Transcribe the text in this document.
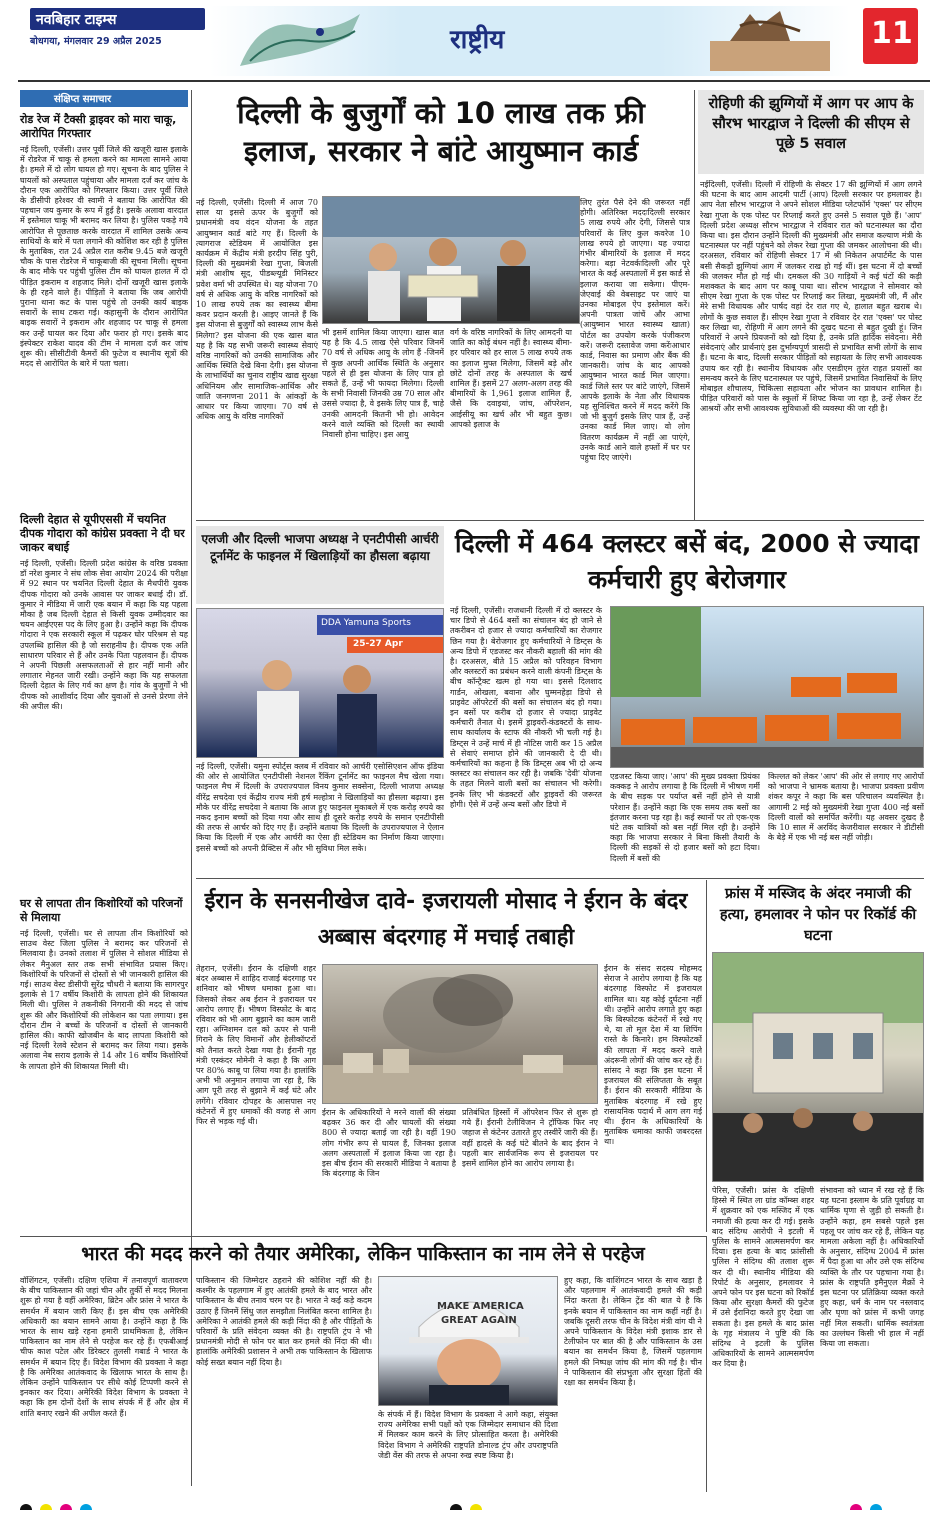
नवबिहार टाइम्स
बोधगया, मंगलवार 29 अप्रैल 2025	राष्ट्रीय	11
संक्षिप्त समाचार
रोड रेज में टैक्सी ड्राइवर को मारा चाकू, आरोपित गिरफ्तार
नई दिल्ली, एजेंसी। उत्तर पूर्वी जिले की खजूरी खास इलाके में रोडरेज में चाकू से हमला करने का मामला सामने आया है। हमले में दो लोग घायल हो गए। सूचना के बाद पुलिस ने घायलों को अस्पताल पहुंचाया और मामला दर्ज कर जांच के दौरान एक आरोपित को गिरफ्तार किया। उत्तर पूर्वी जिले के डीसीपी हरेश्वर वी स्वामी ने बताया कि आरोपित की पहचान जय कुमार के रूप में हुई है। इसके अलावा वारदात में इस्तेमाल चाकू भी बरामद कर लिया है। पुलिस पकड़े गये आरोपित से पूछताछ करके वारदात में शामिल उसके अन्य साथियों के बारे में पता लगाने की कोशिश कर रही है पुलिस के मुताबिक, रात 24 अप्रैल रात करीब 9.45 बजे खजूरी चौक के पास रोडरेज में चाकूबाजी की सूचना मिली। सूचना के बाद मौके पर पहुंची पुलिस टीम को घायल हालत में दो पीड़ित इकराम व शहजाद मिले। दोनों खजूरी खास इलाके के ही रहने वाले हैं। पीड़ितों ने बताया कि जब आरोपी पुराना थाना कट के पास पहुंचे तो उनकी कार्य बाइक सवारों के साथ टकरा गई। कहासुनी के दौरान आरोपित बाइक सवारों ने इकराम और शहजाद पर चाकू से हमला कर उन्हें घायल कर दिया और फरार हो गए। इसके बाद इंस्पेक्टर राकेश यादव की टीम ने मामला दर्ज कर जांच शुरू की। सीसीटीवी कैमरों की फुटेज व स्थानीय सूत्रों की मदद से आरोपित के बारे में पता चला।
दिल्ली देहात से यूपीएससी में चयनित दीपक गोदारा को कांग्रेस प्रवक्ता ने दी घर जाकर बधाई
नई दिल्ली, एजेंसी। दिल्ली प्रदेश कांग्रेस के वरिष्ठ प्रवक्ता डॉ नरेश कुमार ने संघ लोक सेवा आयोग 2024 की परीक्षा में 92 स्थान पर चयनित दिल्ली देहात के मैधपीरी युवक दीपक गोदारा को उनके आवास पर जाकर बधाई दी। डॉ. कुमार ने मीडिया में जारी एक बयान में कहा कि यह पहला मौका है जब दिल्ली देहात से किसी युवक उम्मीदवार का चयन आईएएस पद के लिए हुआ है। उन्होंने कहा कि दीपक गोदारा ने एक सरकारी स्कूल में पढ़कर घोर परिश्रम से यह उपलब्धि हासिल की है जो सराहनीय है। दीपक एक अति साधारण परिवार से हैं और उनके पिता पहलवान हैं। दीपक ने अपनी पिछली असफलताओं से हार नहीं मानी और लगातार मेहनत जारी रखी। उन्होंने कहा कि यह सफलता दिल्ली देहात के लिए गर्व का क्षण है। गांव के बुजुर्गों ने भी दीपक को आशीर्वाद दिया और युवाओं से उनसे प्रेरणा लेने की अपील की।
घर से लापता तीन किशोरियों को परिजनों से मिलाया
नई दिल्ली, एजेंसी। घर से लापता तीन किशोरियों को साउथ वेस्ट जिला पुलिस ने बरामद कर परिजनों से मिलवाया है। उनको तलाश में पुलिस ने सोशल मीडिया से लेकर मैनुअल स्तर तक सभी संभावित प्रयास किए। किशोरियों के परिजनों से दोस्तों से भी जानकारी हासिल की गई। साउथ वेस्ट डीसीपी सुरेंद्र चौधरी ने बताया कि सागरपुर इलाके से 17 वर्षीय किशोरी के लापता होने की शिकायत मिली थी। पुलिस ने तकनीकी निगरानी की मदद से जांच शुरू की और किशोरियों की लोकेशन का पता लगाया। इस दौरान टीम ने बच्चों के परिजनों व दोस्तों से जानकारी हासिल की। काफी खोजबीन के बाद लापता किशोरी को नई दिल्ली रेलवे स्टेशन से बरामद कर लिया गया। इसके अलावा नेब सराय इलाके से 14 और 16 वर्षीय किशोरियों के लापता होने की शिकायत मिली थी।
दिल्ली के बुजुर्गों को 10 लाख तक फ्री इलाज, सरकार ने बांटे आयुष्मान कार्ड
नई दिल्ली, एजेंसी। दिल्ली में आज 70 साल या इससे ऊपर के बुजुर्गों को प्रधानमंत्री वय वंदन योजना के तहत आयुष्मान कार्ड बांटे गए हैं। दिल्ली के त्यागराज स्टेडियम में आयोजित इस कार्यक्रम में केंद्रीय मंत्री हरदीप सिंह पुरी, दिल्ली की मुख्यमंत्री रेखा गुप्ता, बिजली मंत्री आशीष सूद, पीडब्ल्यूडी मिनिस्टर प्रवेश वर्मा भी उपस्थित थे। यह योजना 70 वर्ष से अधिक आयु के वरिष्ठ नागरिकों को 10 लाख रुपये तक का स्वास्थ्य बीमा कवर प्रदान करती है। आइए जानते हैं कि इस योजना से बुजुर्गों को स्वास्थ्य लाभ कैसे मिलेगा? इस योजना की एक खास बात यह है कि यह सभी जरूरी स्वास्थ्य सेवाएं वरिष्ठ नागरिकों को उनकी सामाजिक और आर्थिक स्थिति देखे बिना देगी। इस योजना के लाभार्थियों का चुनाव राष्ट्रीय खाद्य सुरक्षा अधिनियम और सामाजिक-आर्थिक और जाति जनगणना 2011 के आंकड़ों के आधार पर किया जाएगा। 70 वर्ष से अधिक आयु के वरिष्ठ नागरिकों
भी इसमें शामिल किया जाएगा। खास बात यह है कि 4.5 लाख ऐसे परिवार जिनमें 70 वर्ष से अधिक आयु के लोग हैं -जिनमें से कुछ अपनी आर्थिक स्थिति के अनुसार पहले से ही इस योजना के लिए पात्र हो सकते हैं, उन्हें भी फायदा मिलेगा। दिल्ली के सभी निवासी जिनकी उम्र 70 साल और उससे ज्यादा है, वे इसके लिए पात्र हैं, चाहे उनकी आमदनी कितनी भी हो। आवेदन करने वाले व्यक्ति को दिल्ली का स्थायी निवासी होना चाहिए। इस आयु
वर्ग के वरिष्ठ नागरिकों के लिए आमदनी या जाति का कोई बंधन नहीं है। स्वास्थ्य बीमा-हर परिवार को हर साल 5 लाख रुपये तक का इलाज मुफ्त मिलेगा, जिसमें बड़े और छोटे दोनों तरह के अस्पताल के खर्च शामिल हैं। इसमें 27 अलग-अलग तरह की बीमारियों के 1,961 इलाज शामिल हैं, जैसे कि दवाइयां, जांच, ऑपरेशन, आईसीयू का खर्च और भी बहुत कुछ। आपको इलाज के
लिए तुरंत पैसे देने की जरूरत नहीं होगी। अतिरिक्त मददःदिल्ली सरकार 5 लाख रुपये और देगी, जिससे पात्र परिवारों के लिए कुल कवरेज 10 लाख रुपये हो जाएगा। यह ज्यादा गंभीर बीमारियों के इलाज में मदद करेगा। बड़ा नेटवर्कःदिल्ली और पूरे भारत के कई अस्पतालों में इस कार्ड से इलाज कराया जा सकेगा। पीएम-जेएवाई की वेबसाइट पर जाएं या उनका मोबाइल ऐप इस्तेमाल करें। अपनी पात्रता जांचें और आभा (आयुष्मान भारत स्वास्थ्य खाता) पोर्टल का उपयोग करके पंजीकरण करें। जरूरी दस्तावेज जमा करेंःआधार कार्ड, निवास का प्रमाण और बैंक की जानकारी। जांच के बाद आपको आयुष्मान भारत कार्ड मिल जाएगा। कार्ड जिले स्तर पर बांटे जाएंगे, जिसमें आपके इलाके के नेता और विधायक यह सुनिश्चित करने में मदद करेंगे कि जो भी बुजुर्ग इसके लिए पात्र हैं, उन्हें उनका कार्ड मिल जाए। वो लोग वितरण कार्यक्रम में नहीं आ पाएंगे, उनके कार्ड आने वाले हफ्तों में घर पर पहुंचा दिए जाएंगे।
रोहिणी की झुग्गियों में आग पर आप के सौरभ भारद्वाज ने दिल्ली की सीएम से पूछे 5 सवाल
नईदिल्ली, एजेंसी। दिल्ली में रोहिणी के सेक्टर 17 की झुग्गियों में आग लगने की घटना के बाद आम आदमी पार्टी (आप) दिल्ली सरकार पर हमलावर है। आप नेता सौरभ भारद्वाज ने अपने सोशल मीडिया प्लेटफॉर्म 'एक्स' पर सीएम रेखा गुप्ता के एक पोस्ट पर रिप्लाई करते हुए उनसे 5 सवाल पूछे हैं। 'आप' दिल्ली प्रदेश अध्यक्ष सौरभ भारद्वाज ने रविवार रात को घटनास्थल का दौरा किया था। इस दौरान उन्होंने दिल्ली की मुख्यमंत्री और समाज कल्याण मंत्री के घटनास्थल पर नहीं पहुंचने को लेकर रेखा गुप्ता की जमकर आलोचना की थी। दरअसल, रविवार को रोहिणी सेक्टर 17 में श्री निकेतन अपार्टमेंट के पास बसी सैकड़ों झुग्गियां आग में जलकर राख हो गई थीं। इस घटना में दो बच्चों की जलकर मौत हो गई थी। दमकल की 30 गाड़ियों ने कई घंटों की कड़ी मशक्कत के बाद आग पर काबू पाया था। सौरभ भारद्वाज ने सोमवार को सीएम रेखा गुप्ता के एक पोस्ट पर रिप्लाई कर लिखा, मुख्यमंत्री जी, मैं और मेरे सभी विधायक और पार्षद वहां देर रात गए थे, हालात बहुत खराब थे। लोगों के कुछ सवाल हैं। सीएम रेखा गुप्ता ने रविवार देर रात 'एक्स' पर पोस्ट कर लिखा था, रोहिणी में आग लगने की दुखद घटना से बहुत दुखी हूं। जिन परिवारों ने अपने प्रियजनों को खो दिया है, उनके प्रति हार्दिक संवेदना। मेरी संवेदनाएं और प्रार्थनाएं इस दुर्भाग्यपूर्ण त्रासदी से प्रभावित सभी लोगों के साथ हैं। घटना के बाद, दिल्ली सरकार पीड़ितों को सहायता के लिए सभी आवश्यक उपाय कर रही है। स्थानीय विधायक और एसडीएम तुरंत राहत प्रयासों का समन्वय करने के लिए घटनास्थल पर पहुंचे, जिसमें प्रभावित निवासियों के लिए मोबाइल शौचालय, चिकित्सा सहायता और भोजन का प्रावधान शामिल है। पीड़ित परिवारों को पास के स्कूलों में शिफ्ट किया जा रहा है, उन्हें लेकर टेंट आश्रयों और सभी आवश्यक सुविधाओं की व्यवस्था की जा रही है।
एलजी और दिल्ली भाजपा अध्यक्ष ने एनटीपीसी आर्चरी टूर्नामेंट के फाइनल में खिलाड़ियों का हौसला बढ़ाया
DDA Yamuna Sports
25-27 Apr
नई दिल्ली, एजेंसी। यमुना स्पोर्ट्स क्लब में रविवार को आर्चरी एसोसिएशन ऑफ इंडिया की ओर से आयोजित एनटीपीसी नेशनल रैंकिंग टूर्नामेंट का फाइनल मैच खेला गया। फाइनल मैच में दिल्ली के उपराज्यपाल विनय कुमार सक्सेना, दिल्ली भाजपा अध्यक्ष वीरेंद्र सचदेवा एवं केंद्रीय राज्य मंत्री हर्ष मल्होत्रा ने खिलाड़ियों का हौसला बढ़ाया। इस मौके पर वीरेंद्र सचदेवा ने बताया कि आज हुए फाइनल मुकाबले में एक करोड़ रुपये का नकद इनाम बच्चों को दिया गया और साथ ही दूसरे करोड़ रुपये के समान एनटीपीसी की तरफ से आर्चर को दिए गए हैं। उन्होंने बताया कि दिल्ली के उपराज्यपाल ने ऐलान किया कि दिल्ली में एक और आर्चरी का ऐसा ही स्टेडियम का निर्माण किया जाएगा। इससे बच्चों को अपनी प्रैक्टिस में और भी सुविधा मिल सके।
दिल्ली में 464 क्लस्टर बसें बंद, 2000 से ज्यादा कर्मचारी हुए बेरोजगार
नई दिल्ली, एजेंसी। राजधानी दिल्ली में दो क्लस्टर के चार डिपो से 464 बसों का संचालन बंद हो जाने से तकरीबन दो हजार से ज्यादा कर्मचारियों का रोजगार छिन गया है। बेरोजगार हुए कर्मचारियों ने डिम्ट्स के अन्य डिपो में एडजस्ट कर नौकरी बहाली की मांग की है। दरअसल, बीते 15 अप्रैल को परिवहन विभाग और क्लस्टरों का प्रबंधन करने वाली कंपनी डिम्ट्स के बीच कॉन्ट्रैक्ट खत्म हो गया था। इससे दिलशाद गार्डन, ओखला, बवाना और घुम्मनहेड़ा डिपो से प्राइवेट ऑपरेटरों की बसों का संचालन बंद हो गया। इन बसों पर करीब दो हजार से ज्यादा प्राइवेट कर्मचारी तैनात थे। इसमें ड्राइवरों-कंडक्टरों के साथ-साथ कार्यालय के स्टाफ की नौकरी भी चली गई है। डिम्ट्स ने उन्हें मार्च में ही नोटिस जारी कर 15 अप्रैल से सेवाएं समाप्त होने की जानकारी दे दी थी। कर्मचारियों का कहना है कि डिम्ट्स अब भी दो अन्य क्लस्टर का संचालन कर रही है। जबकि 'देवी' योजना के तहत मिलने वाली बसों का संचालन भी करेगी। इनके लिए भी कंडक्टरों और ड्राइवरों की जरूरत होगी। ऐसे में उन्हें अन्य बसों और डिपो में
एडजस्ट किया जाए। 'आप' की मुख्य प्रवक्ता प्रियंका कक्कड़ ने आरोप लगाया है कि दिल्ली में भीषण गर्मी के बीच सड़क पर पर्याप्त बसें नहीं होने से यात्री परेशान हैं। उन्होंने कहा कि एक समय तक बसों का इंतजार करना पड़ रहा है। कई स्थानों पर तो एक-एक घंटे तक यात्रियों को बस नहीं मिल रही है। उन्होंने कहा कि भाजपा सरकार ने बिना किसी तैयारी के दिल्ली की सड़कों से दो हजार बसों को हटा दिया। दिल्ली में बसों की
किल्लत को लेकर 'आप' की ओर से लगाए गए आरोपों को भाजपा ने भ्रामक बताया है। भाजपा प्रवक्ता प्रवीण शंकर कपूर ने कहा कि बस परिचालन व्यवस्थित है। आगामी 2 मई को मुख्यमंत्री रेखा गुप्ता 400 नई बसों दिल्ली वालों को समर्पित करेंगी। यह अवसर दुखद है कि 10 साल में अरविंद केजरीवाल सरकार ने डीटीसी के बेड़े में एक भी नई बस नहीं जोड़ी।
ईरान के सनसनीखेज दावे- इजरायली मोसाद ने ईरान के बंदर अब्बास बंदरगाह में मचाई तबाही
तेहरान, एजेंसी। ईरान के दक्षिणी शहर बंदर अब्बास में शाहिद राजाई बंदरगाह पर शनिवार को भीषण धमाका हुआ था। जिसको लेकर अब ईरान ने इजरायल पर आरोप लगाए हैं। भीषण विस्फोट के बाद रविवार को भी आग बुझाने का काम जारी रहा। अग्निशमन दल को ऊपर से पानी गिराने के लिए विमानों और हेलीकॉप्टरों को तैनात करते देखा गया है। ईरानी गृह मंत्री एस्कंदर मोमेनी ने कहा है कि आग पर 80% काबू पा लिया गया है। हालांकि अभी भी अनुमान लगाया जा रहा है, कि आग पूरी तरह से बुझाने में कई घंटे और लगेंगे। रविवार दोपहर के आसपास नए कंटेनरों में हुए धमाकों की वजह से आग फिर से भड़क गई थी।
ईरान के अधिकारियों ने मरने वालों की संख्या बढ़कर 36 कर दी और घायलों की संख्या 800 से ज्यादा बताई जा रही है। वहीं 190 लोग गंभीर रूप से घायल हैं, जिनका इलाज अलग अस्पतालों में इलाज किया जा रहा है। इस बीच ईरान की सरकारी मीडिया ने बताया है कि बंदरगाह के जिन
प्रतिबंधित हिस्सों में ऑपरेशन फिर से शुरू हो गये हैं। ईरानी टेलीविजन ने ट्रॉफिक फिर नए जहाज से कंटेनर उतारते हुए तस्वीरें जारी की हैं। वहीं हादसे के कई घंटे बीतने के बाद ईरान ने पहली बार सार्वजनिक रूप से इजरायल पर इसमें शामिल होने का आरोप लगाया है।
ईरान के संसद सदस्य मोहम्मद सेराज ने आरोप लगाया है कि यह बंदरगाह विस्फोट में इजरायल शामिल था। यह कोई दुर्घटना नहीं थी। उन्होंने आरोप लगाते हुए कहा कि बिस्फोटक कंटेनरों में रखे गए थे, या तो मूल देश में या शिपिंग रास्ते के किनारे। हम विस्फोटकों की लापता में मदद करने वाले अंदरूनी लोगों की जांच कर रहे हैं। सांसद ने कहा कि इस घटना में इजरायल की संलिप्तता के सबूत हैं। ईरान की सरकारी मीडिया के मुताबिक बंदरगाह में रखे हुए रासायनिक पदार्थ में आग लग गई थी। ईरान के अधिकारियों के मुताबिक धमाका काफी जबरदस्त था।
फ्रांस में मस्जिद के अंदर नमाजी की हत्या, हमलावर ने फोन पर रिकॉर्ड की घटना
पेरिस, एजेंसी। फ्रांस के दक्षिणी हिस्से में स्थित ला ग्रांड कॉम्ब्स शहर में शुक्रवार को एक मस्जिद में एक नमाजी की हत्या कर दी गई। इसके बाद संदिग्ध आरोपी ने इटली में पुलिस के सामने आत्मसमर्पण कर दिया। इस हत्या के बाद फ्रांसीसी पुलिस ने संदिग्ध की तलाश शुरू कर दी थी। स्थानीय मीडिया की रिपोर्ट के अनुसार, हमलावर ने अपने फोन पर इस घटना को रिकॉर्ड किया और सुरक्षा कैमरों की फुटेज में उसे ईरानिदा करते हुए देखा जा सकता है। इस हमले के बाद फ्रांस के गृह मंत्रालय ने पुष्टि की कि संदिग्ध ने इटली के पुलिस अधिकारियों के सामने आत्मसमर्पण कर दिया है।
संभावना को ध्यान में रख रहे हैं कि यह घटना इस्लाम के प्रति पूर्वाग्रह या धार्मिक घृणा से जुड़ी हो सकती है। उन्होंने कहा, हम सबसे पहले इस पहलू पर जांच कर रहे हैं, लेकिन यह मामला अकेला नहीं है। अधिकारियों के अनुसार, संदिग्ध 2004 में फ्रांस में पैदा हुआ था और उसे एक संदिग्ध व्यक्ति के तौर पर पहचाना गया है। फ्रांस के राष्ट्रपति इमैनुएल मैक्रों ने इस घटना पर प्रतिक्रिया व्यक्त करते हुए कहा, धर्म के नाम पर नस्लवाद और घृणा को फ्रांस में कभी जगह नहीं मिल सकती। धार्मिक स्वतंत्रता का उल्लंघन किसी भी हाल में नहीं किया जा सकता।
भारत की मदद करने को तैयार अमेरिका, लेकिन पाकिस्तान का नाम लेने से परहेज
वॉशिंगटन, एजेंसी। दक्षिण एशिया में तनावपूर्ण वातावरण के बीच पाकिस्तान की जहां चीन और तुर्की से मदद मिलना शुरू हो गया है वहीं अमेरिका, ब्रिटेन और फ्रांस ने भारत के समर्थन में बयान जारी किए हैं। इस बीच एक अमेरिकी अधिकारी का बयान सामने आया है। उन्होंने कहा है कि भारत के साथ खड़े रहना हमारी प्राथमिकता है, लेकिन पाकिस्तान का नाम लेने से परहेज कर रहे हैं। एफबीआई चीफ काश पटेल और डिरेक्टर तुलसी गबार्ड ने भारत के समर्थन में बयान दिए हैं। विदेश विभाग की प्रवक्ता ने कहा है कि अमेरिका आतंकवाद के खिलाफ भारत के साथ है। लेकिन उन्होंने पाकिस्तान पर सीधे कोई टिप्पणी करने से इनकार कर दिया। अमेरिकी विदेश विभाग के प्रवक्ता ने कहा कि हम दोनों देशों के साथ संपर्क में हैं और क्षेत्र में शांति बनाए रखने की अपील करते हैं।
पाकिस्तान की जिम्मेदार ठहराने की कोशिश नहीं की है। कश्मीर के पहलगाम में हुए आतंकी हमले के बाद भारत और पाकिस्तान के बीच तनाव चरम पर है। भारत ने कई कड़े कदम उठाए हैं जिनमें सिंधु जल समझौता निलंबित करना शामिल है। अमेरिका ने आतंकी हमले की कड़ी निंदा की है और पीड़ितों के परिवारों के प्रति संवेदना व्यक्त की है। राष्ट्रपति ट्रंप ने भी प्रधानमंत्री मोदी से फोन पर बात कर हमले की निंदा की थी। हालांकि अमेरिकी प्रशासन ने अभी तक पाकिस्तान के खिलाफ कोई सख्त बयान नहीं दिया है।
MAKE AMERICA
GREAT AGAIN
के संपर्क में हैं। विदेश विभाग के प्रवक्ता ने आगे कहा, संयुक्त राज्य अमेरिका सभी पक्षों को एक जिम्मेदार समाधान की दिशा में मिलकर काम करने के लिए प्रोत्साहित करता है। अमेरिकी विदेश विभाग ने अमेरिकी राष्ट्रपति डोनाल्ड ट्रंप और उपराष्ट्रपति जेडी वेंस की तरफ से अपना रुख स्पष्ट किया है।
हुए कहा, कि वाशिंगटन भारत के साथ खड़ा है और पहलगाम में आतंकवादी हमले की कड़ी निंदा करता है। लेकिन ट्रेंड की बात ये है कि इनके बयान में पाकिस्तान का नाम कहीं नहीं है। जबकि दूसरी तरफ चीन के विदेश मंत्री वांग यी ने अपने पाकिस्तान के विदेश मंत्री इशाक डार से टेलीफोन पर बात की है और पाकिस्तान के उस बयान का समर्थन किया है, जिसमें पहलगाम हमले की निष्पक्ष जांच की मांग की गई है। चीन ने पाकिस्तान की संप्रभुता और सुरक्षा हितों की रक्षा का समर्थन किया है।
